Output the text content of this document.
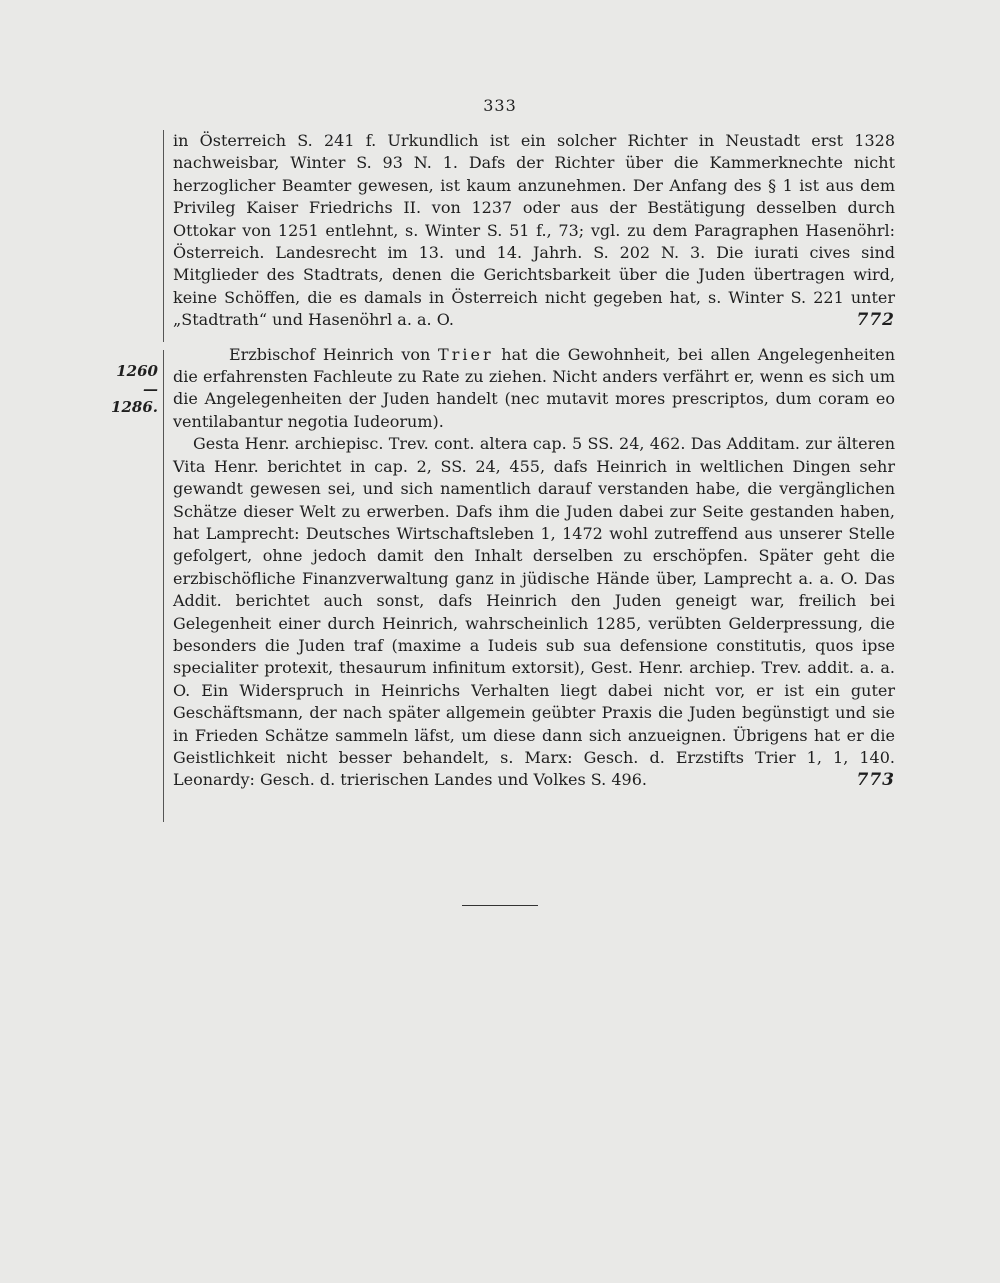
333
1260
—1286.

in Österreich S. 241 f. Urkundlich ist ein solcher Richter in Neustadt erst 1328 nachweisbar, Winter S. 93 N. 1. Dafs der Richter über die Kammerknechte nicht herzoglicher Beamter gewesen, ist kaum anzunehmen. Der Anfang des § 1 ist aus dem Privileg Kaiser Friedrichs II. von 1237 oder aus der Bestätigung desselben durch Ottokar von 1251 entlehnt, s. Winter S. 51 f., 73; vgl. zu dem Paragraphen Hasenöhrl: Österreich. Landesrecht im 13. und 14. Jahrh. S. 202 N. 3. Die iurati cives sind Mitglieder des Stadtrats, denen die Gerichtsbarkeit über die Juden übertragen wird, keine Schöffen, die es damals in Österreich nicht gegeben hat, s. Winter S. 221 unter „Stadtrath“ und Hasenöhrl a. a. O.	772

Erzbischof Heinrich von Trier hat die Gewohnheit, bei allen Angelegenheiten die erfahrensten Fachleute zu Rate zu ziehen. Nicht anders verfährt er, wenn es sich um die Angelegenheiten der Juden handelt (nec mutavit mores prescriptos, dum coram eo ventilabantur negotia Iudeorum).

Gesta Henr. archiepisc. Trev. cont. altera cap. 5 SS. 24, 462. Das Additam. zur älteren Vita Henr. berichtet in cap. 2, SS. 24, 455, dafs Heinrich in weltlichen Dingen sehr gewandt gewesen sei, und sich namentlich darauf verstanden habe, die vergänglichen Schätze dieser Welt zu erwerben. Dafs ihm die Juden dabei zur Seite gestanden haben, hat Lamprecht: Deutsches Wirtschaftsleben 1, 1472 wohl zutreffend aus unserer Stelle gefolgert, ohne jedoch damit den Inhalt derselben zu erschöpfen. Später geht die erzbischöfliche Finanzverwaltung ganz in jüdische Hände über, Lamprecht a. a. O. Das Addit. berichtet auch sonst, dafs Heinrich den Juden geneigt war, freilich bei Gelegenheit einer durch Heinrich, wahrscheinlich 1285, verübten Gelderpressung, die besonders die Juden traf (maxime a Iudeis sub sua defensione constitutis, quos ipse specialiter protexit, thesaurum infinitum extorsit), Gest. Henr. archiep. Trev. addit. a. a. O. Ein Widerspruch in Heinrichs Verhalten liegt dabei nicht vor, er ist ein guter Geschäftsmann, der nach später allgemein geübter Praxis die Juden begünstigt und sie in Frieden Schätze sammeln läfst, um diese dann sich anzueignen. Übrigens hat er die Geistlichkeit nicht besser behandelt, s. Marx: Gesch. d. Erzstifts Trier 1, 1, 140. Leonardy: Gesch. d. trierischen Landes und Volkes S. 496.	773
